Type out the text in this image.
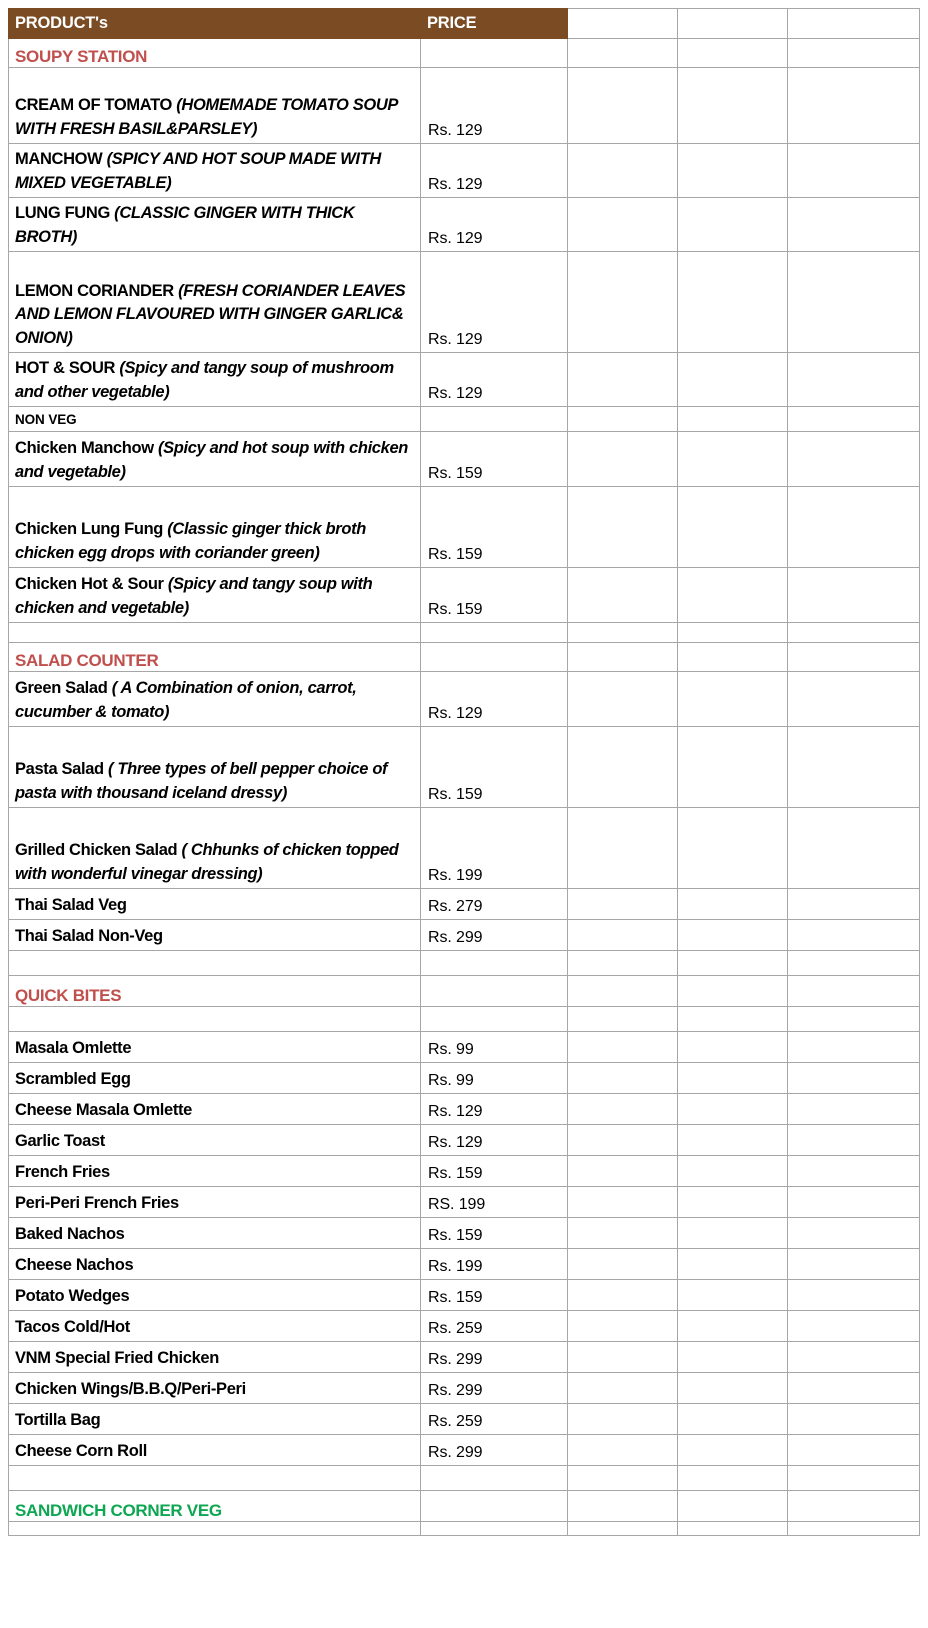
PRODUCT's	PRICE			

SOUPY STATION				

CREAM OF TOMATO (HOMEMADE TOMATO SOUP WITH FRESH BASIL&PARSLEY)	Rs. 129			

MANCHOW (SPICY AND HOT SOUP MADE WITH MIXED VEGETABLE)	Rs. 129			

LUNG FUNG (CLASSIC GINGER WITH THICK BROTH)	Rs. 129			

LEMON CORIANDER (FRESH CORIANDER LEAVES AND LEMON FLAVOURED WITH GINGER GARLIC& ONION)	Rs. 129			

HOT & SOUR (Spicy and tangy soup of mushroom and other vegetable)	Rs. 129			

NON VEG				

Chicken Manchow (Spicy and hot soup with chicken and vegetable)	Rs. 159			

Chicken Lung Fung (Classic ginger thick broth chicken egg drops with coriander green)	Rs. 159			

Chicken Hot & Sour (Spicy and tangy soup with chicken and vegetable)	Rs. 159			

SALAD COUNTER				

Green Salad ( A Combination of onion, carrot, cucumber & tomato)	Rs. 129			

Pasta Salad ( Three types of bell pepper choice of pasta with thousand iceland dressy)	Rs. 159			

Grilled Chicken Salad ( Chhunks of chicken topped with wonderful vinegar dressing)	Rs. 199			

Thai Salad Veg	Rs. 279			

Thai Salad Non-Veg	Rs. 299			

QUICK BITES				

Masala Omlette	Rs. 99			

Scrambled Egg	Rs. 99			

Cheese Masala Omlette	Rs. 129			

Garlic Toast	Rs. 129			

French Fries	Rs. 159			

Peri-Peri French Fries	RS. 199			

Baked Nachos	Rs. 159			

Cheese Nachos	Rs. 199			

Potato Wedges	Rs. 159			

Tacos Cold/Hot	Rs. 259			

VNM Special Fried Chicken	Rs. 299			

Chicken Wings/B.B.Q/Peri-Peri	Rs. 299			

Tortilla Bag	Rs. 259			

Cheese Corn Roll	Rs. 299			

SANDWICH CORNER VEG				
